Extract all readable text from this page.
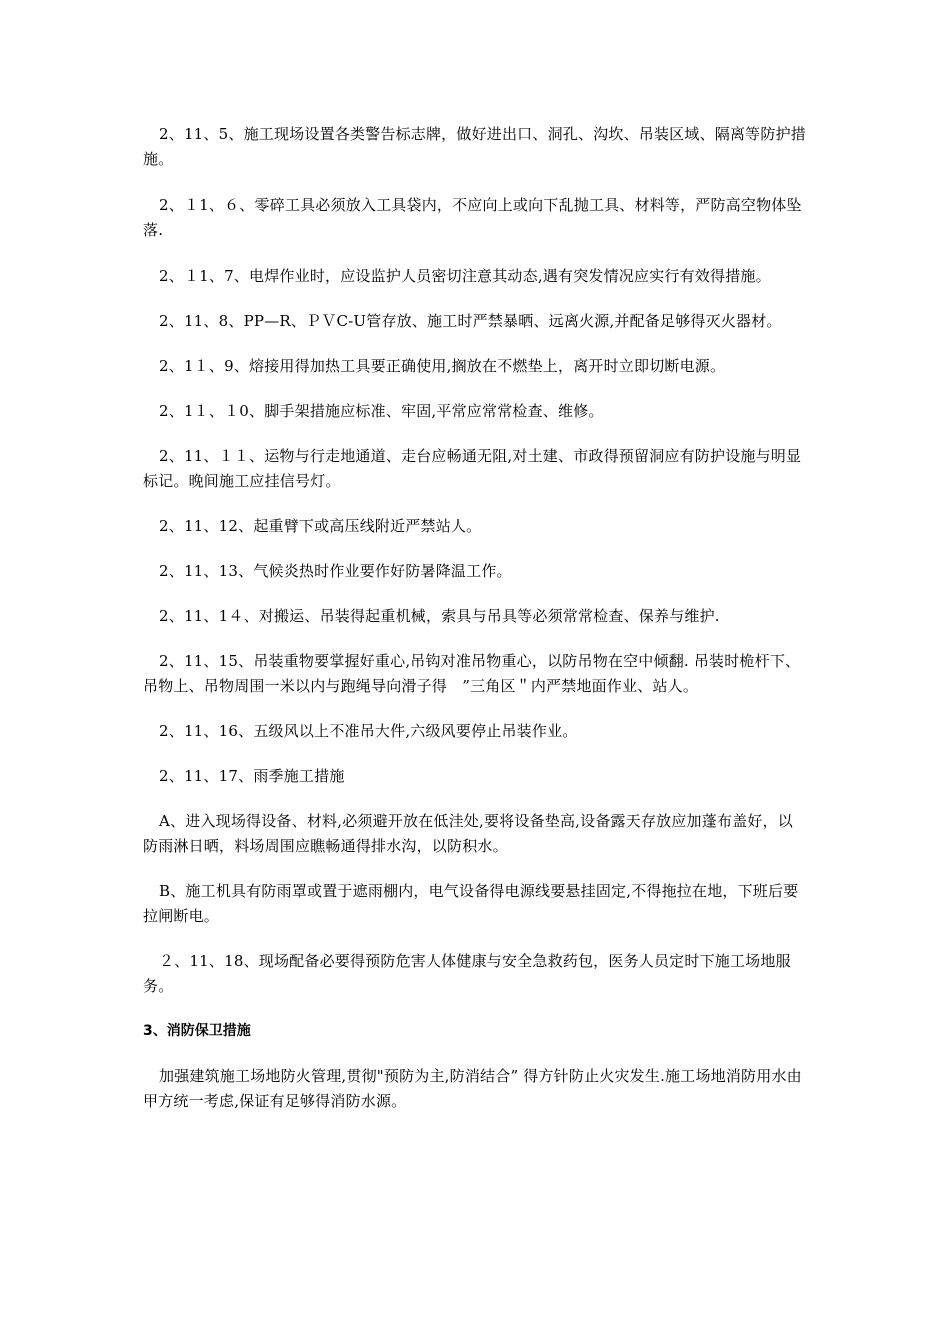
2、11、5、施工现场设置各类警告标志牌，做好进出口、洞孔、沟坎、吊装区域、隔离等防护措施。

2、１1、６、零碎工具必须放入工具袋内，不应向上或向下乱抛工具、材料等，严防高空物体坠落.

2、１1、7、电焊作业时，应设监护人员密切注意其动态,遇有突发情况应实行有效得措施。

2、11、8、PP—R、ＰＶC-U管存放、施工时严禁暴晒、远离火源,并配备足够得灭火器材。

2、1１、9、熔接用得加热工具要正确使用,搁放在不燃垫上，离开时立即切断电源。

2、1１、１0、脚手架措施应标准、牢固,平常应常常检查、维修。

2、11、１１、运物与行走地通道、走台应畅通无阻,对土建、市政得预留洞应有防护设施与明显标记。晚间施工应挂信号灯。

2、11、12、起重臂下或高压线附近严禁站人。

2、11、13、气候炎热时作业要作好防暑降温工作。

2、11、1４、对搬运、吊装得起重机械，索具与吊具等必须常常检查、保养与维护.

2、11、15、吊装重物要掌握好重心,吊钩对准吊物重心，以防吊物在空中倾翻. 吊装时桅杆下、吊物上、吊物周围一米以内与跑绳导向滑子得　”三角区＂内严禁地面作业、站人。

2、11、16、五级风以上不准吊大件,六级风要停止吊装作业。

2、11、17、雨季施工措施

A、进入现场得设备、材料,必须避开放在低洼处,要将设备垫高,设备露天存放应加蓬布盖好，以防雨淋日晒，料场周围应瞧畅通得排水沟，以防积水。

B、施工机具有防雨罩或置于遮雨棚内，电气设备得电源线要悬挂固定,不得拖拉在地，下班后要拉闸断电。

２、11、18、现场配备必要得预防危害人体健康与安全急救药包，医务人员定时下施工场地服务。

3、消防保卫措施

加强建筑施工场地防火管理,贯彻"预防为主,防消结合” 得方针防止火灾发生.施工场地消防用水由甲方统一考虑,保证有足够得消防水源。
